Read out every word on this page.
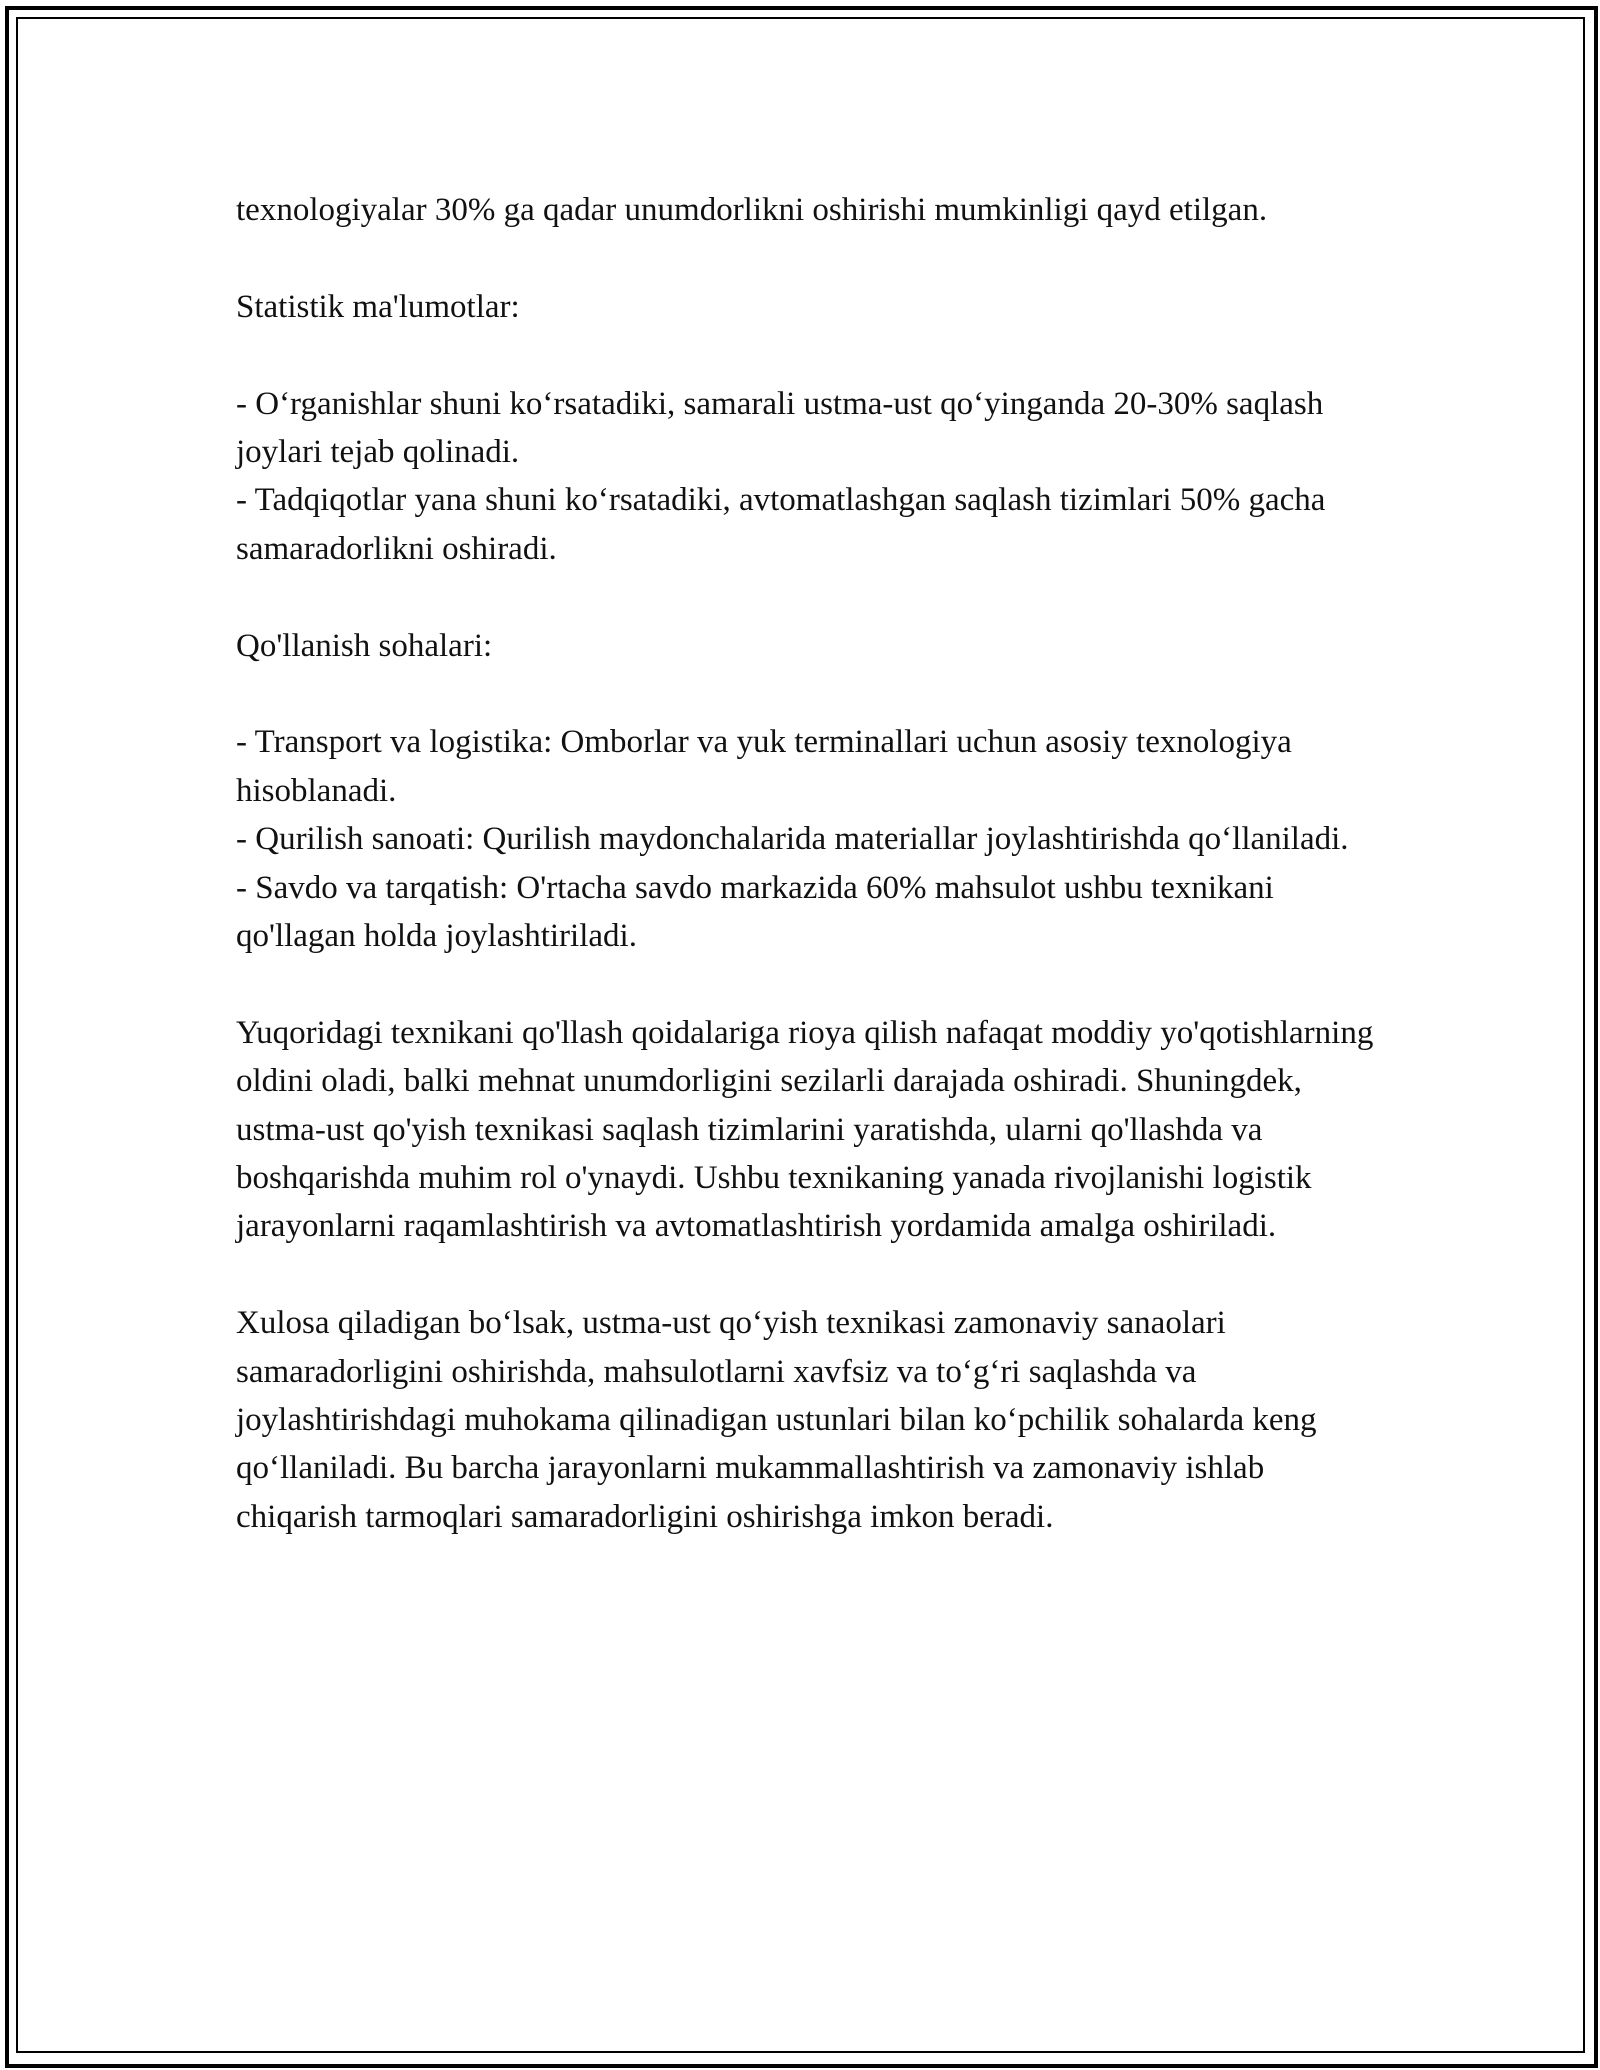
texnologiyalar 30% ga qadar unumdorlikni oshirishi mumkinligi qayd etilgan.

Statistik ma'lumotlar:

- O‘rganishlar shuni ko‘rsatadiki, samarali ustma-ust qo‘yinganda 20-30% saqlash joylari tejab qolinadi.

- Tadqiqotlar yana shuni ko‘rsatadiki, avtomatlashgan saqlash tizimlari 50% gacha samaradorlikni oshiradi.

Qo'llanish sohalari:

- Transport va logistika: Omborlar va yuk terminallari uchun asosiy texnologiya hisoblanadi.

- Qurilish sanoati: Qurilish maydonchalarida materiallar joylashtirishda qo‘llaniladi.

- Savdo va tarqatish: O'rtacha savdo markazida 60% mahsulot ushbu texnikani qo'llagan holda joylashtiriladi.

Yuqoridagi texnikani qo'llash qoidalariga rioya qilish nafaqat moddiy yo'qotishlarning oldini oladi, balki mehnat unumdorligini sezilarli darajada oshiradi. Shuningdek, ustma-ust qo'yish texnikasi saqlash tizimlarini yaratishda, ularni qo'llashda va boshqarishda muhim rol o'ynaydi. Ushbu texnikaning yanada rivojlanishi logistik jarayonlarni raqamlashtirish va avtomatlashtirish yordamida amalga oshiriladi.

Xulosa qiladigan bo‘lsak, ustma-ust qo‘yish texnikasi zamonaviy sanaolari samaradorligini oshirishda, mahsulotlarni xavfsiz va to‘g‘ri saqlashda va joylashtirishdagi muhokama qilinadigan ustunlari bilan ko‘pchilik sohalarda keng qo‘llaniladi. Bu barcha jarayonlarni mukammallashtirish va zamonaviy ishlab chiqarish tarmoqlari samaradorligini oshirishga imkon beradi.
